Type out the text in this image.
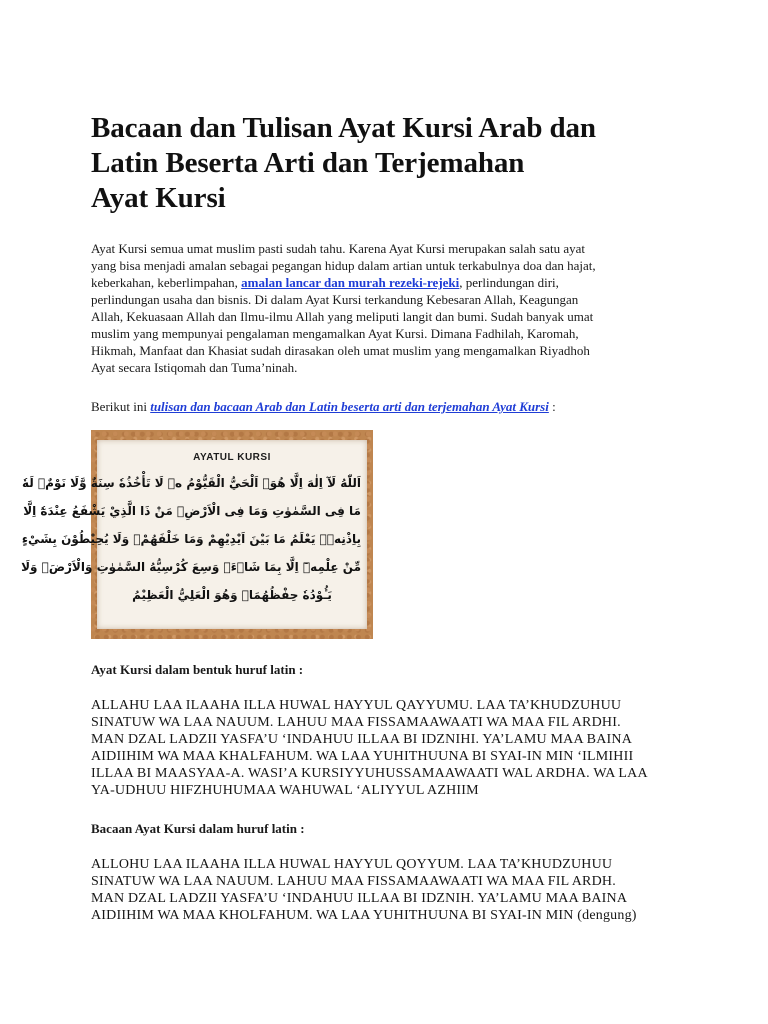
Bacaan dan Tulisan Ayat Kursi Arab dan
Latin Beserta Arti dan Terjemahan
Ayat Kursi

Ayat Kursi semua umat muslim pasti sudah tahu. Karena Ayat Kursi merupakan salah satu ayat
yang bisa menjadi amalan sebagai pegangan hidup dalam artian untuk terkabulnya doa dan hajat,
keberkahan, keberlimpahan, amalan lancar dan murah rezeki-rejeki, perlindungan diri,
perlindungan usaha dan bisnis. Di dalam Ayat Kursi terkandung Kebesaran Allah, Keagungan
Allah, Kekuasaan Allah dan Ilmu-ilmu Allah yang meliputi langit dan bumi. Sudah banyak umat
muslim yang mempunyai pengalaman mengamalkan Ayat Kursi. Dimana Fadhilah, Karomah,
Hikmah, Manfaat dan Khasiat sudah dirasakan oleh umat muslim yang mengamalkan Riyadhoh
Ayat secara Istiqomah dan Tuma’ninah.

Berikut ini tulisan dan bacaan Arab dan Latin beserta arti dan terjemahan Ayat Kursi :

AYATUL KURSI
اَللّٰهُ لَآ اِلٰهَ اِلَّا هُوَۚ اَلْحَيُّ الْقَيُّوْمُ ەۚ لَا تَأْخُذُهٗ سِنَةٌ وَّلَا نَوْمٌۗ لَهٗ
مَا فِى السَّمٰوٰتِ وَمَا فِى الْاَرْضِۗ مَنْ ذَا الَّذِيْ يَشْفَعُ عِنْدَهٗٓ اِلَّا
بِاِذْنِهٖۗ يَعْلَمُ مَا بَيْنَ اَيْدِيْهِمْ وَمَا خَلْفَهُمْۚ وَلَا يُحِيْطُوْنَ بِشَيْءٍ
مِّنْ عِلْمِهٖٓ اِلَّا بِمَا شَاۤءَۚ وَسِعَ كُرْسِيُّهُ السَّمٰوٰتِ وَالْاَرْضَۚ وَلَا
يَـُٔوْدُهٗ حِفْظُهُمَاۚ وَهُوَ الْعَلِيُّ الْعَظِيْمُ

Ayat Kursi dalam bentuk huruf latin :

ALLAHU LAA ILAAHA ILLA HUWAL HAYYUL QAYYUMU. LAA TA’KHUDZUHUU
SINATUW WA LAA NAUUM. LAHUU MAA FISSAMAAWAATI WA MAA FIL ARDHI.
MAN DZAL LADZII YASFA’U ‘INDAHUU ILLAA BI IDZNIHI. YA’LAMU MAA BAINA
AIDIIHIM WA MAA KHALFAHUM. WA LAA YUHITHUUNA BI SYAI-IN MIN ‘ILMIHII
ILLAA BI MAASYAA-A. WASI’A KURSIYYUHUSSAMAAWAATI WAL ARDHA. WA LAA
YA-UDHUU HIFZHUHUMAA WAHUWAL ‘ALIYYUL AZHIIM

Bacaan Ayat Kursi dalam huruf latin :

ALLOHU LAA ILAAHA ILLA HUWAL HAYYUL QOYYUM. LAA TA’KHUDZUHUU
SINATUW WA LAA NAUUM. LAHUU MAA FISSAMAAWAATI WA MAA FIL ARDH.
MAN DZAL LADZII YASFA’U ‘INDAHUU ILLAA BI IDZNIH. YA’LAMU MAA BAINA
AIDIIHIM WA MAA KHOLFAHUM. WA LAA YUHITHUUNA BI SYAI-IN MIN (dengung)
